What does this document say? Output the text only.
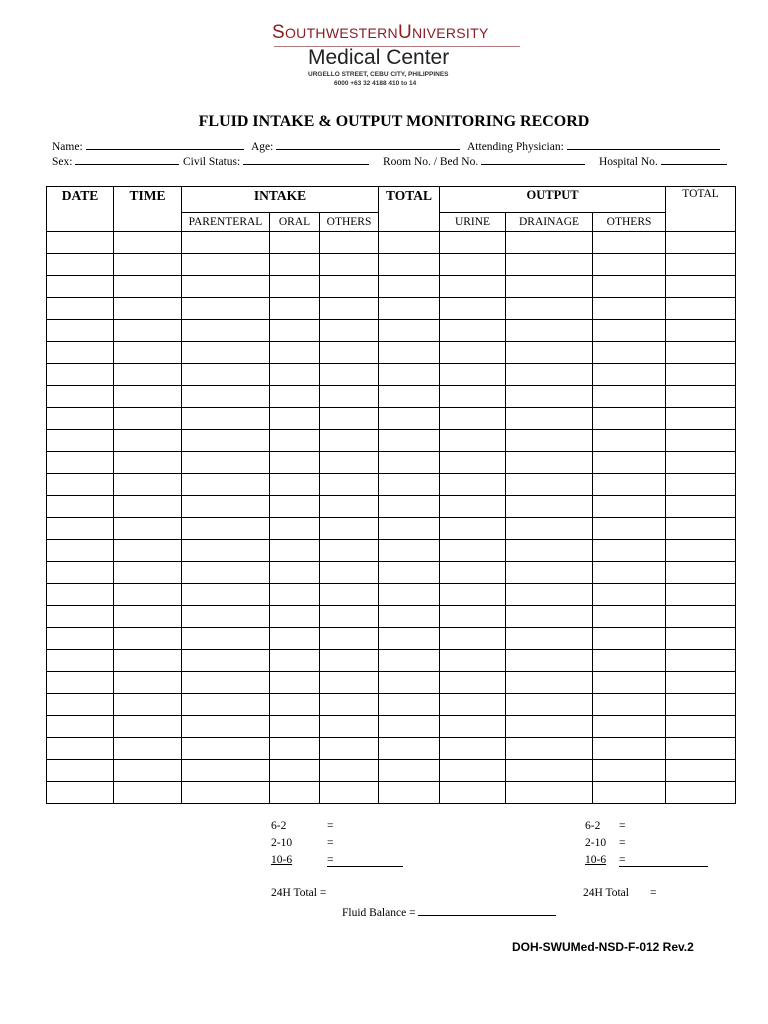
SOUTHWESTERNUNIVERSITY
Medical Center
URGELLO STREET, CEBU CITY, PHILIPPINES
6000 +63 32 4188 410 to 14
FLUID INTAKE & OUTPUT MONITORING RECORD
Name:	Age:	Attending Physician:
Sex:	Civil Status:	Room No. / Bed No.	Hospital No.
DATE	TIME	INTAKE			TOTAL	OUTPUT			TOTAL
		PARENTERAL	ORAL	OTHERS		URINE	DRAINAGE	OTHERS	

6-2	=
2-10	=
10-6	=
24H Total =
6-2 =
2-10 =
10-6 =
24H Total =
Fluid Balance =
DOH-SWUMed-NSD-F-012 Rev.2
